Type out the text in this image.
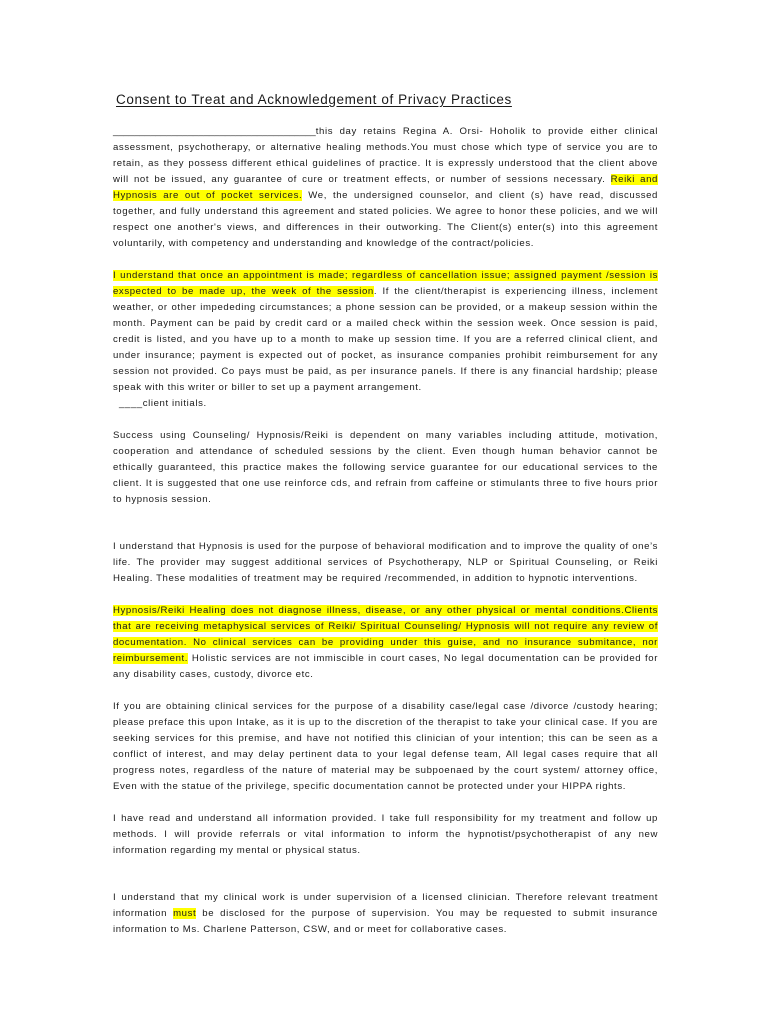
Consent to Treat and Acknowledgement of Privacy Practices

______________________________________this day retains Regina A. Orsi- Hoholik to provide either clinical assessment, psychotherapy, or alternative healing methods.You must chose which type of service you are to retain, as they possess different ethical guidelines of practice. It is expressly understood that the client above will not be issued, any guarantee of cure or treatment effects, or number of sessions necessary. Reiki and Hypnosis are out of pocket services. We, the undersigned counselor, and client (s) have read, discussed together, and fully understand this agreement and stated policies. We agree to honor these policies, and we will respect one another's views, and differences in their outworking. The Client(s) enter(s) into this agreement voluntarily, with competency and understanding and knowledge of the contract/policies.

I understand that once an appointment is made; regardless of cancellation issue; assigned payment /session is exspected to be made up, the week of the session. If the client/therapist is experiencing illness, inclement weather, or other impededing circumstances; a phone session can be provided, or a makeup session within the month. Payment can be paid by credit card or a mailed check within the session week. Once session is paid, credit is listed, and you have up to a month to make up session time. If you are a referred clinical client, and under insurance; payment is expected out of pocket, as insurance companies prohibit reimbursement for any session not provided. Co pays must be paid, as per insurance panels. If there is any financial hardship; please speak with this writer or biller to set up a payment arrangement.
____client initials.

Success using Counseling/ Hypnosis/Reiki is dependent on many variables including attitude, motivation, cooperation and attendance of scheduled sessions by the client. Even though human behavior cannot be ethically guaranteed, this practice makes the following service guarantee for our educational services to the client. It is suggested that one use reinforce cds, and refrain from caffeine or stimulants three to five hours prior to hypnosis session.

I understand that Hypnosis is used for the purpose of behavioral modification and to improve the quality of one’s life. The provider may suggest additional services of Psychotherapy, NLP or Spiritual Counseling, or Reiki Healing. These modalities of treatment may be required /recommended, in addition to hypnotic interventions.

Hypnosis/Reiki Healing does not diagnose illness, disease, or any other physical or mental conditions.Clients that are receiving metaphysical services of Reiki/ Spiritual Counseling/ Hypnosis will not require any review of documentation. No clinical services can be providing under this guise, and no insurance submitance, nor reimbursement. Holistic services are not immiscible in court cases, No legal documentation can be provided for any disability cases, custody, divorce etc.

If you are obtaining clinical services for the purpose of a disability case/legal case /divorce /custody hearing; please preface this upon Intake, as it is up to the discretion of the therapist to take your clinical case. If you are seeking services for this premise, and have not notified this clinician of your intention; this can be seen as a conflict of interest, and may delay pertinent data to your legal defense team, All legal cases require that all progress notes, regardless of the nature of material may be subpoenaed by the court system/ attorney office, Even with the statue of the privilege, specific documentation cannot be protected under your HIPPA rights.

I have read and understand all information provided. I take full responsibility for my treatment and follow up methods. I will provide referrals or vital information to inform the hypnotist/psychotherapist of any new information regarding my mental or physical status.

I understand that my clinical work is under supervision of a licensed clinician. Therefore relevant treatment information must be disclosed for the purpose of supervision. You may be requested to submit insurance information to Ms. Charlene Patterson, CSW, and or meet for collaborative cases.
